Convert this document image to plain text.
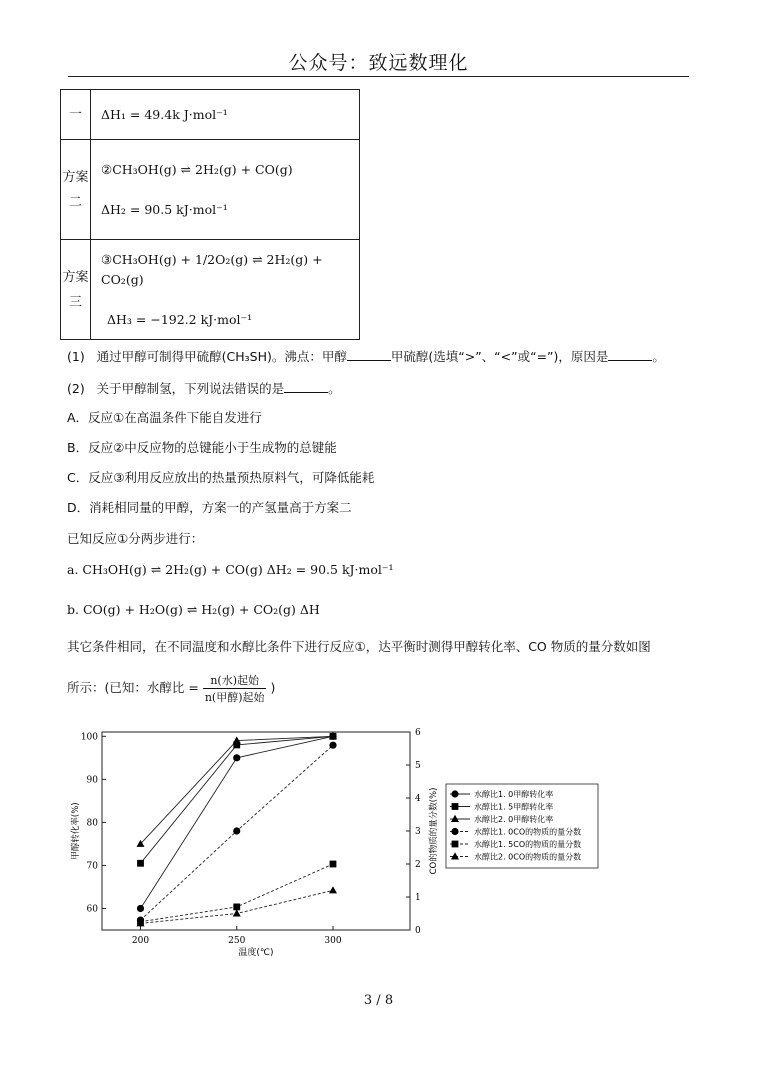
公众号：致远数理化
一	ΔH₁ = 49.4k J·mol⁻¹

方案二	②CH₃OH(g) ⇌ 2H₂(g) + CO(g)
ΔH₂ = 90.5 kJ·mol⁻¹

方案三	③CH₃OH(g) + 1/2O₂(g) ⇌ 2H₂(g) + CO₂(g)
ΔH₃ = −192.2 kJ·mol⁻¹
(1) 通过甲醇可制得甲硫醇(CH₃SH)。沸点：甲醇	甲硫醇(选填“>”、“<”或“=”)，原因是	。
(2) 关于甲醇制氢，下列说法错误的是	。
A．反应①在高温条件下能自发进行
B．反应②中反应物的总键能小于生成物的总键能
C．反应③利用反应放出的热量预热原料气，可降低能耗
D．消耗相同量的甲醇，方案一的产氢量高于方案二
已知反应①分两步进行：
a. CH₃OH(g) ⇌ 2H₂(g) + CO(g) ΔH₂ = 90.5 kJ·mol⁻¹
b. CO(g) + H₂O(g) ⇌ H₂(g) + CO₂(g) ΔH
其它条件相同，在不同温度和水醇比条件下进行反应①，达平衡时测得甲醇转化率、CO 物质的量分数如图
所示：(已知：水醇比 = $\frac{\text{n(水)起始}}{\text{n(甲醇)起始}}$ )
60
70
80
90
100
0
1
2
3
4
5
6
200	250	300
温度(℃)
甲醇转化率(%)	CO的物质的量分数(%)	水醇比1. 0甲醇转化率
水醇比1. 5甲醇转化率
水醇比2. 0甲醇转化率
水醇比1. 0CO的物质的量分数
水醇比1. 5CO的物质的量分数
水醇比2. 0CO的物质的量分数
3 / 8
